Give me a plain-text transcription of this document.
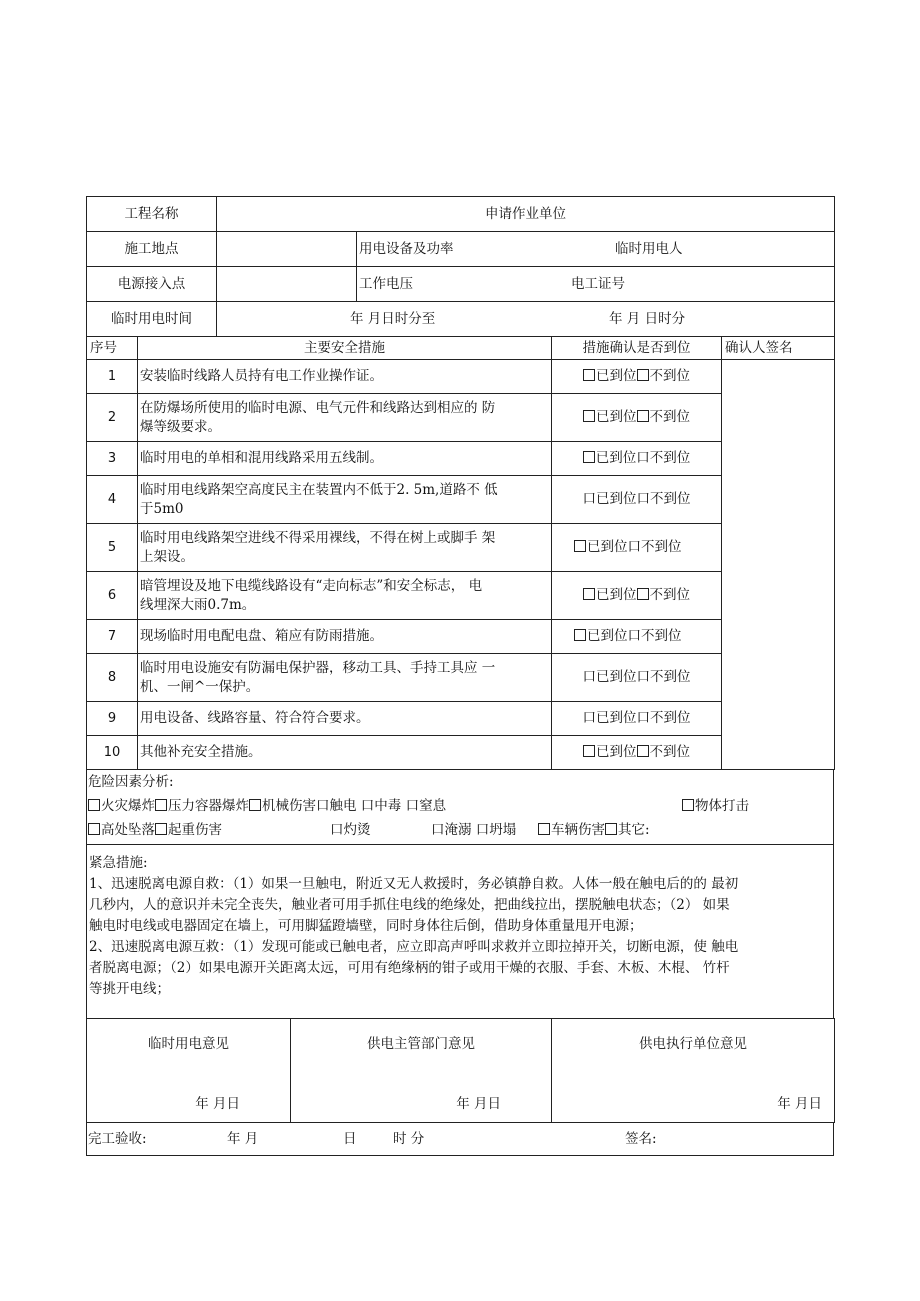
工程名称	申请作业单位	
施工地点		用电设备及功率 临时用电人

电源接入点		工作电压 电工证号

临时用电时间	年 月日时分至 年 月 日时分	
序号	主要安全措施	措施确认是否到位	确认人签名
1	安装临时线路人员持有电工作业操作证。	已到位 不到位	
2	在防爆场所使用的临时电源、电气元件和线路达到相应的 防
爆等级要求。	已到位 不到位	
3	临时用电的单相和混用线路采用五线制。	已到位口不到位	
4	临时用电线路架空高度民主在装置内不低于2. 5m,道路不 低
于5m0	口已到位口不到位	
5	临时用电线路架空进线不得采用裸线，不得在树上或脚手 架
上架设。	已到位口不到位	
6	暗管埋设及地下电缆线路设有“走向标志”和安全标志， 电
线埋深大雨0.7m。	已到位 不到位	
7	现场临时用电配电盘、箱应有防雨措施。	已到位口不到位	
8	临时用电设施安有防漏电保护器，移动工具、手持工具应 一
机、一闸^一保护。	口已到位口不到位	
9	用电设备、线路容量、符合符合要求。	口已到位口不到位	
10	其他补充安全措施。	已到位 不到位	
危险因素分析:
火灾爆炸 压力容器爆炸 机械伤害口触电 口中毒 口窒息	物体打击
高处坠落 起重伤害	口灼烫	口淹溺 口坍塌	车辆伤害 其它:
紧急措施:
1、迅速脱离电源自救：（1）如果一旦触电，附近又无人救援时，务必镇静自救。人体一般在触电后的的 最初
几秒内，人的意识并未完全丧失，触业者可用手抓住电线的绝缘处，把曲线拉出，摆脱触电状态；（2） 如果
触电时电线或电器固定在墙上，可用脚猛蹬墙壁，同时身体往后倒，借助身体重量甩开电源；
2、迅速脱离电源互救：（1）发现可能或已触电者，应立即高声呼叫求救并立即拉掉开关，切断电源，使 触电
者脱离电源；（2）如果电源开关距离太远，可用有绝缘柄的钳子或用干燥的衣服、手套、木板、木棍、 竹杆
等挑开电线；
临时用电意见
年 月日

供电主管部门意见
年 月日

供电执行单位意见
年 月日
完工验收:	年 月	日	时 分	签名:
